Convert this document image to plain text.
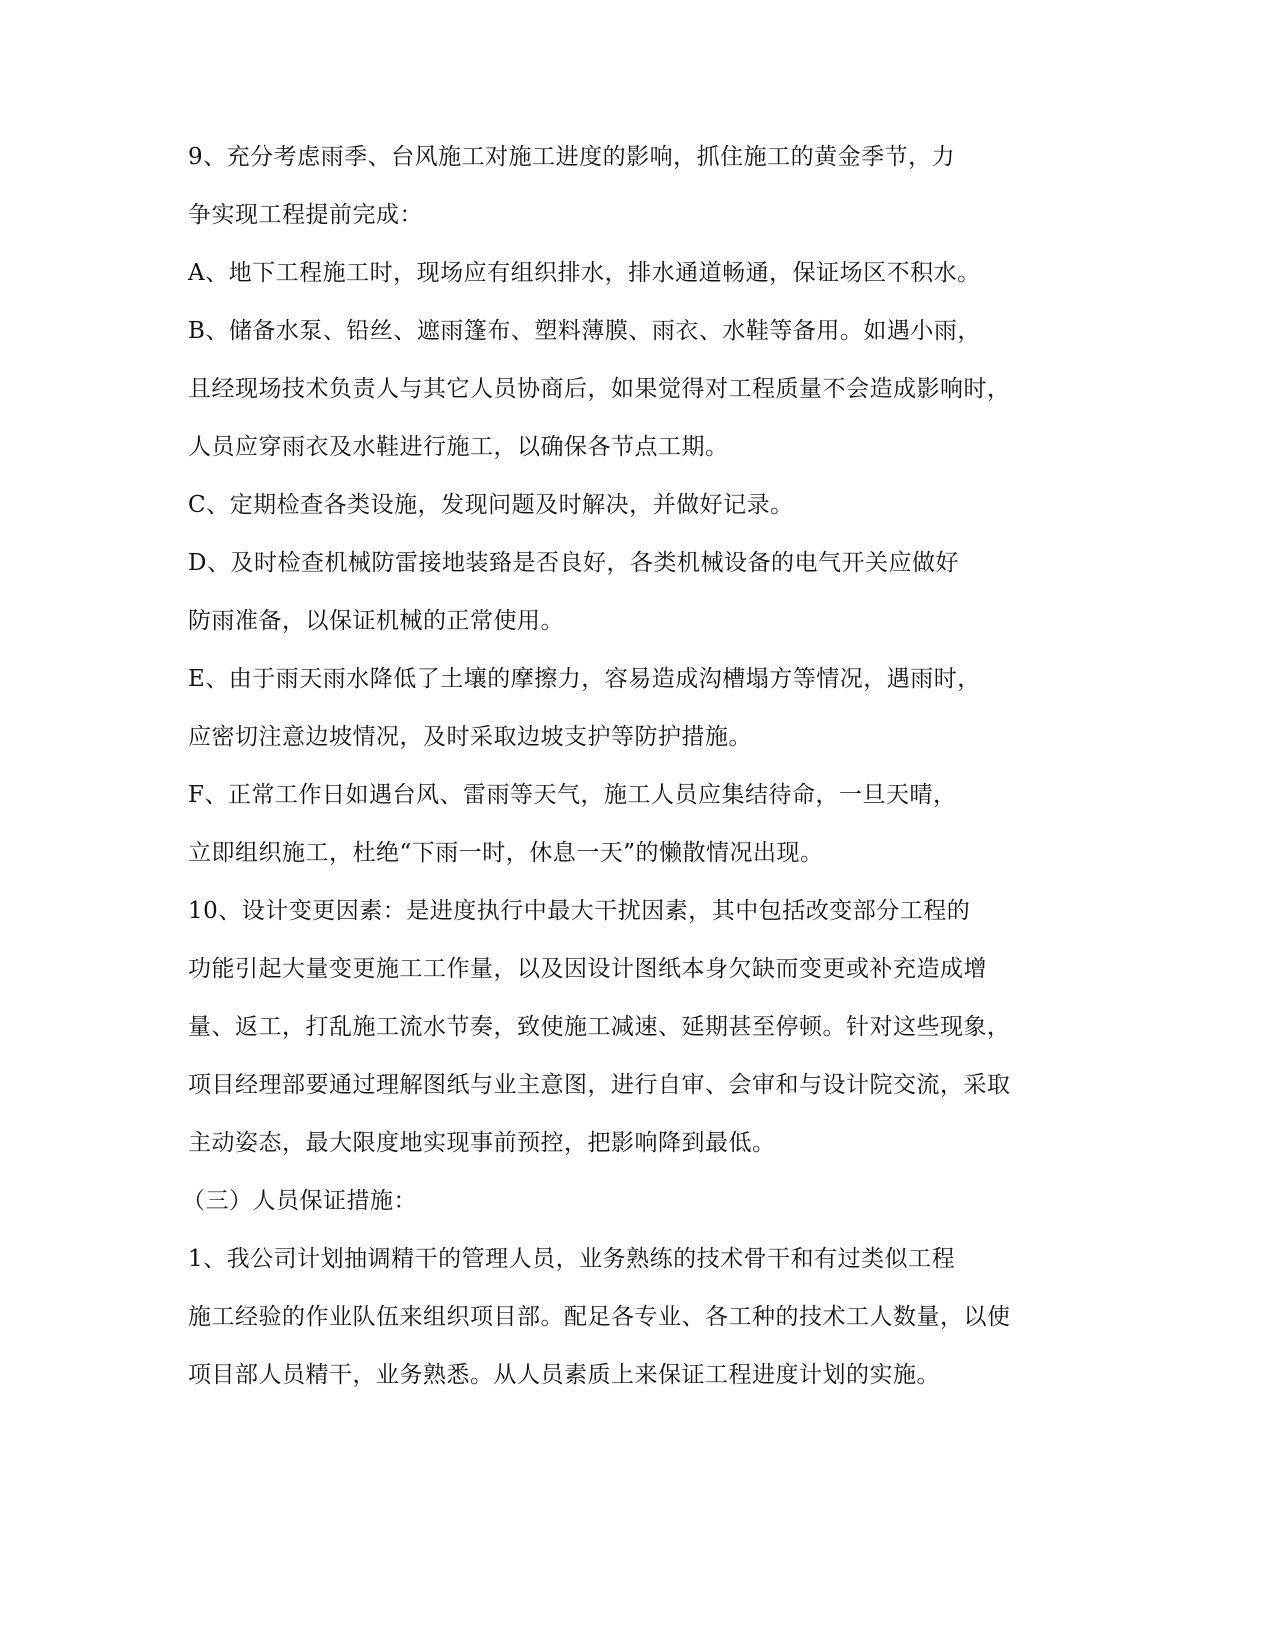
9、充分考虑雨季、台风施工对施工进度的影响，抓住施工的黄金季节，力
争实现工程提前完成：
A、地下工程施工时，现场应有组织排水，排水通道畅通，保证场区不积水。
B、储备水泵、铅丝、遮雨篷布、塑料薄膜、雨衣、水鞋等备用。如遇小雨，
且经现场技术负责人与其它人员协商后，如果觉得对工程质量不会造成影响时，
人员应穿雨衣及水鞋进行施工，以确保各节点工期。
C、定期检查各类设施，发现问题及时解决，并做好记录。
D、及时检查机械防雷接地装臵是否良好，各类机械设备的电气开关应做好
防雨准备，以保证机械的正常使用。
E、由于雨天雨水降低了土壤的摩擦力，容易造成沟槽塌方等情况，遇雨时，
应密切注意边坡情况，及时采取边坡支护等防护措施。
F、正常工作日如遇台风、雷雨等天气，施工人员应集结待命，一旦天晴，
立即组织施工，杜绝“下雨一时，休息一天”的懒散情况出现。
10、设计变更因素：是进度执行中最大干扰因素，其中包括改变部分工程的
功能引起大量变更施工工作量，以及因设计图纸本身欠缺而变更或补充造成增
量、返工，打乱施工流水节奏，致使施工减速、延期甚至停顿。针对这些现象，
项目经理部要通过理解图纸与业主意图，进行自审、会审和与设计院交流，采取
主动姿态，最大限度地实现事前预控，把影响降到最低。
（三）人员保证措施：
1、我公司计划抽调精干的管理人员，业务熟练的技术骨干和有过类似工程
施工经验的作业队伍来组织项目部。配足各专业、各工种的技术工人数量，以使
项目部人员精干，业务熟悉。从人员素质上来保证工程进度计划的实施。
